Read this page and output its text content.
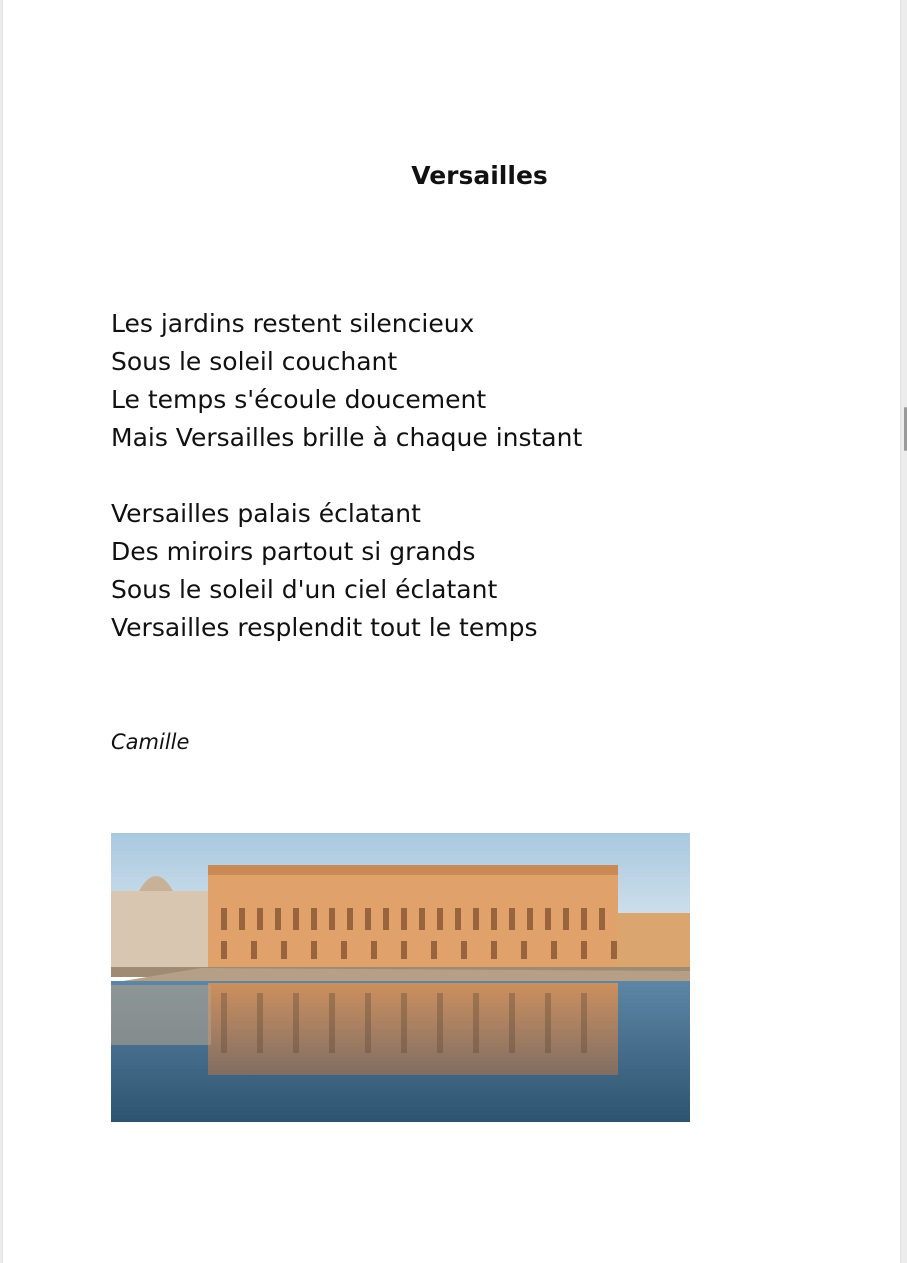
Versailles
Les jardins restent silencieux
Sous le soleil couchant
Le temps s'écoule doucement
Mais Versailles brille à chaque instant
Versailles palais éclatant
Des miroirs partout si grands
Sous le soleil d'un ciel éclatant
Versailles resplendit tout le temps
Camille
